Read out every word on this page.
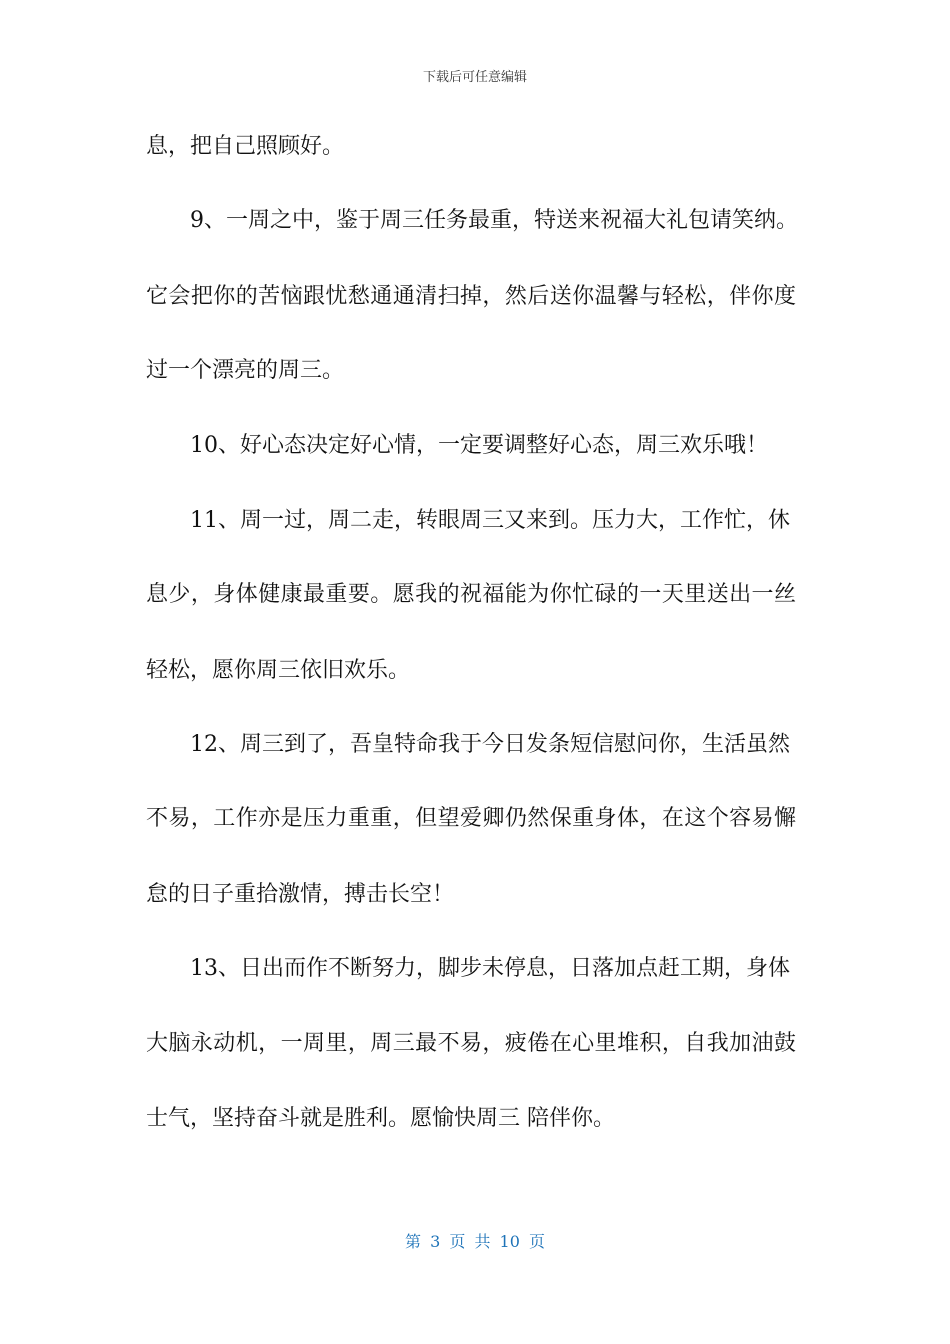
下载后可任意编辑
息，把自己照顾好。
9、一周之中，鉴于周三任务最重，特送来祝福大礼包请笑纳。
它会把你的苦恼跟忧愁通通清扫掉，然后送你温馨与轻松，伴你度
过一个漂亮的周三。
10、好心态决定好心情，一定要调整好心态，周三欢乐哦！
11、周一过，周二走，转眼周三又来到。压力大，工作忙，休
息少，身体健康最重要。愿我的祝福能为你忙碌的一天里送出一丝
轻松，愿你周三依旧欢乐。
12、周三到了，吾皇特命我于今日发条短信慰问你，生活虽然
不易，工作亦是压力重重，但望爱卿仍然保重身体，在这个容易懈
怠的日子重拾激情，搏击长空！
13、日出而作不断努力，脚步未停息，日落加点赶工期，身体
大脑永动机，一周里，周三最不易，疲倦在心里堆积，自我加油鼓
士气，坚持奋斗就是胜利。愿愉快周三 陪伴你。
第 3 页 共 10 页
